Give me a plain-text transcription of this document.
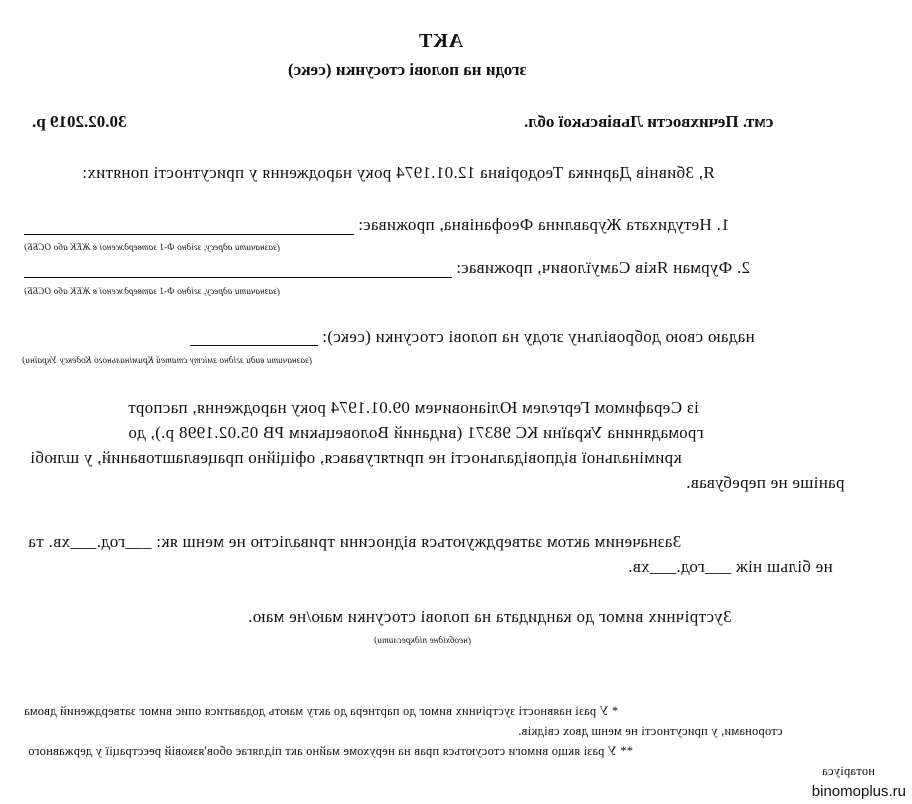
АКТ
згоди на полові стосунки (секс)
смт. Печихвости Львівської обл.
30.02.2019 р.
Я, Збивнів Дарника Теодорівна 12.01.1974 року народження у присутності понятих:
1. Нетудихата Журавлина Феофанівна, проживає:
(зазначити адресу, згідно Ф-1 затвердженої в ЖЕК або ОСББ)
2. Фурман Яків Самуїлович, проживає:
(зазначити адресу, згідно Ф-1 затвердженої в ЖЕК або ОСББ)
надаю свою добровільну згоду на полові стосунки (секс):
(зазначити види згідно змісту статей Кримінального Кодексу України)
із Серафимом Гергелем Юліановичем 09.01.1974 року народження, паспорт
громадянина України КС 98371 (виданий Воловецьким РВ 05.02.1998 р.), до
кримінальної відповідальності не притягувався, офіційно працевлаштований, у шлюбі
раніше не перебував.
Зазначеним актом затверджуються відносини тривалістю не менш як: ___год.___хв. та
не більш ніж ___год.___хв.
Зустрічних вимог до кандидата на полові стосунки маю/не маю.
(необхідне підкреслити)
* У разі наявності зустрічних вимог до партнера до акту мають додаватися опис вимог затверджений двома
сторонами, у присутності не менш двох свідків.
** У разі якщо вимоги стосуються прав на нерухоме майно акт підлягає обов'язковій реєстрації у державного
нотаріуса
binomoplus.ru
